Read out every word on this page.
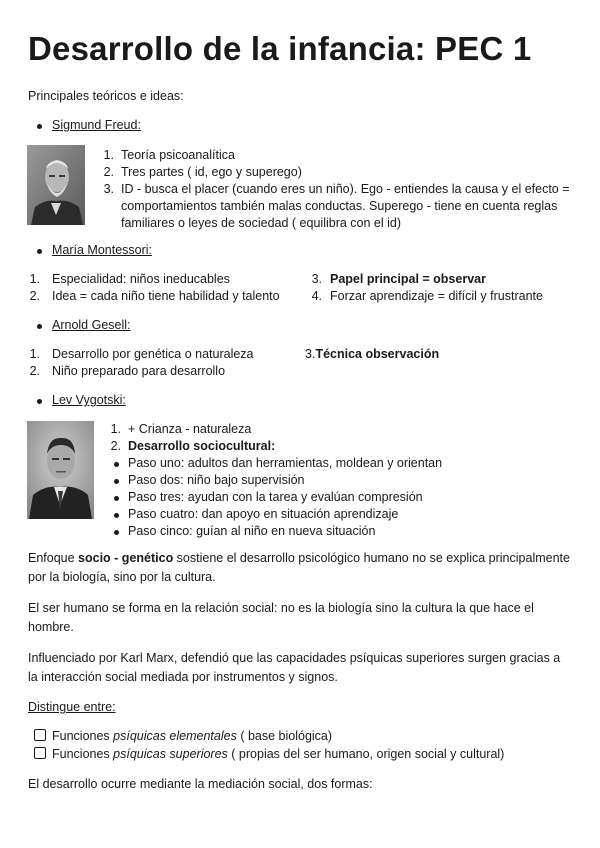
Desarrollo de la infancia: PEC 1
Principales teóricos e ideas:
Sigmund Freud:
1. Teoría psicoanalítica
2. Tres partes ( id, ego y superego)
3. ID - busca el placer (cuando eres un niño). Ego - entiendes la causa y el efecto =
comportamientos también malas conductas. Superego - tiene en cuenta reglas
familiares o leyes de sociedad ( equilibra con el id)
María Montessori:
1. Especialidad: niños ineducables
2. Idea = cada niño tiene habilidad y talento
3. Papel principal = observar
4. Forzar aprendizaje = difícil y frustrante
Arnold Gesell:
1. Desarrollo por genética o naturaleza
2. Niño preparado para desarrollo
3.Técnica observación
Lev Vygotski:
1. + Crianza - naturaleza
2. Desarrollo sociocultural:
Paso uno: adultos dan herramientas, moldean y orientan
Paso dos: niño bajo supervisión
Paso tres: ayudan con la tarea y evalúan compresión
Paso cuatro: dan apoyo en situación aprendizaje
Paso cinco: guían al niño en nueva situación
Enfoque socio - genético sostiene el desarrollo psicológico humano no se explica principalmente por la biología, sino por la cultura.
El ser humano se forma en la relación social: no es la biología sino la cultura la que hace el hombre.
Influenciado por Karl Marx, defendió que las capacidades psíquicas superiores surgen gracias a la interacción social mediada por instrumentos y signos.
Distingue entre:
Funciones psíquicas elementales ( base biológica)
Funciones psíquicas superiores ( propias del ser humano, origen social y cultural)
El desarrollo ocurre mediante la mediación social, dos formas:
